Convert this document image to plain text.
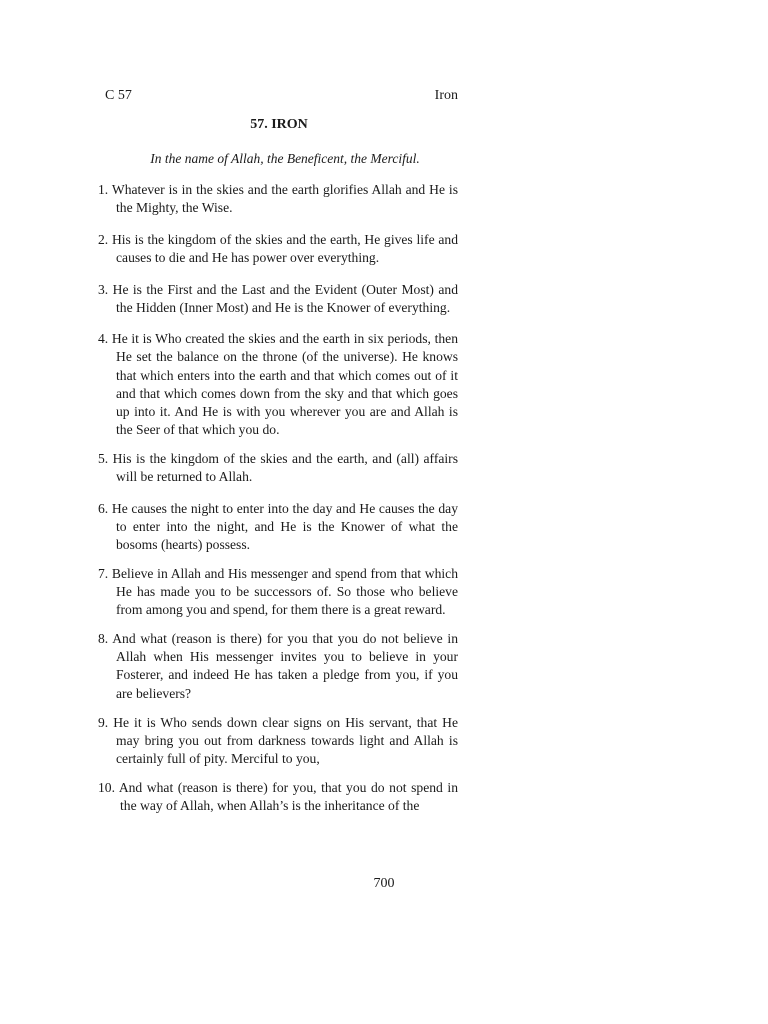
C 57	Iron
57. IRON
In the name of Allah, the Beneficent, the Merciful.

1. Whatever is in the skies and the earth glorifies Allah and He is the Mighty, the Wise.

2. His is the kingdom of the skies and the earth, He gives life and causes to die and He has power over everything.

3. He is the First and the Last and the Evident (Outer Most) and the Hidden (Inner Most) and He is the Knower of everything.

4. He it is Who created the skies and the earth in six periods, then He set the balance on the throne (of the universe). He knows that which enters into the earth and that which comes out of it and that which comes down from the sky and that which goes up into it. And He is with you wherever you are and Allah is the Seer of that which you do.

5. His is the kingdom of the skies and the earth, and (all) affairs will be returned to Allah.

6. He causes the night to enter into the day and He causes the day to enter into the night, and He is the Knower of what the bosoms (hearts) possess.

7. Believe in Allah and His messenger and spend from that which He has made you to be successors of. So those who believe from among you and spend, for them there is a great reward.

8. And what (reason is there) for you that you do not believe in Allah when His messenger invites you to believe in your Fosterer, and indeed He has taken a pledge from you, if you are believers?

9. He it is Who sends down clear signs on His servant, that He may bring you out from darkness towards light and Allah is certainly full of pity. Merciful to you,

10. And what (reason is there) for you, that you do not spend in the way of Allah, when Allah’s is the inheritance of the

700
